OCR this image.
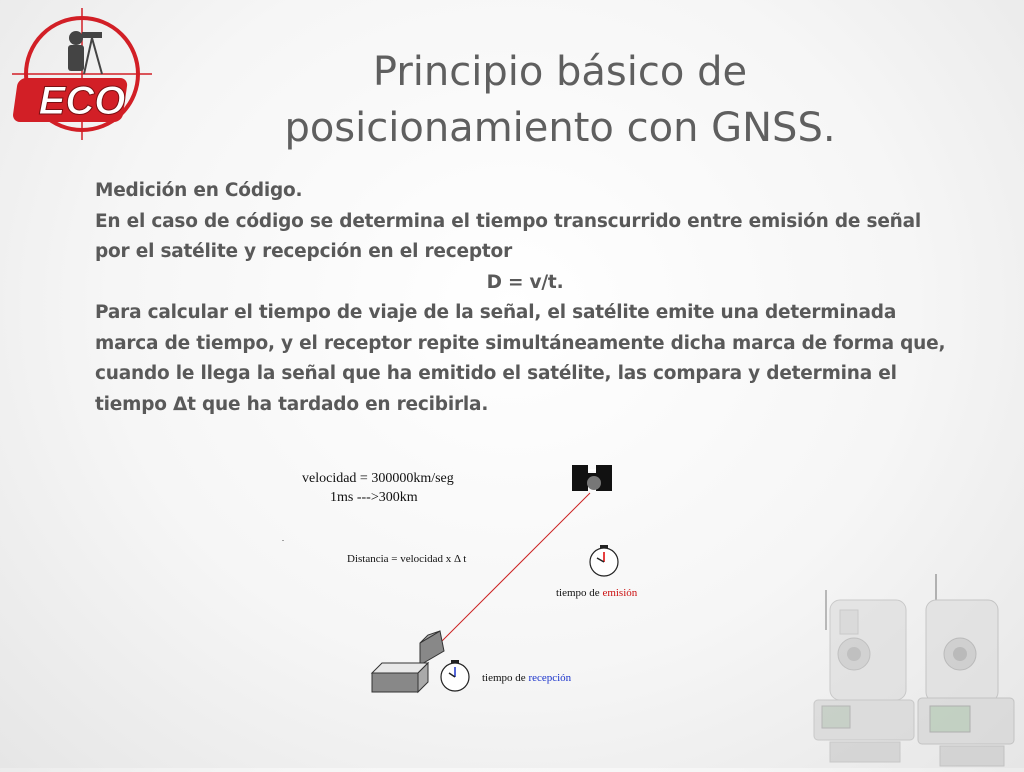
ECO
Principio básico de
posicionamiento con GNSS.

Medición en Código.

En el caso de código se determina el tiempo transcurrido entre emisión de señal por el satélite y recepción en el receptor

D = v/t.

Para calcular el tiempo de viaje de la señal, el satélite emite una determinada marca de tiempo, y el receptor repite simultáneamente dicha marca de forma que, cuando le llega la señal que ha emitido el satélite, las compara y determina el tiempo Δt que ha tardado en recibirla.

velocidad = 300000km/seg
1ms --->300km
.
Distancia = velocidad x Δ t
tiempo de emisión
tiempo de recepción
